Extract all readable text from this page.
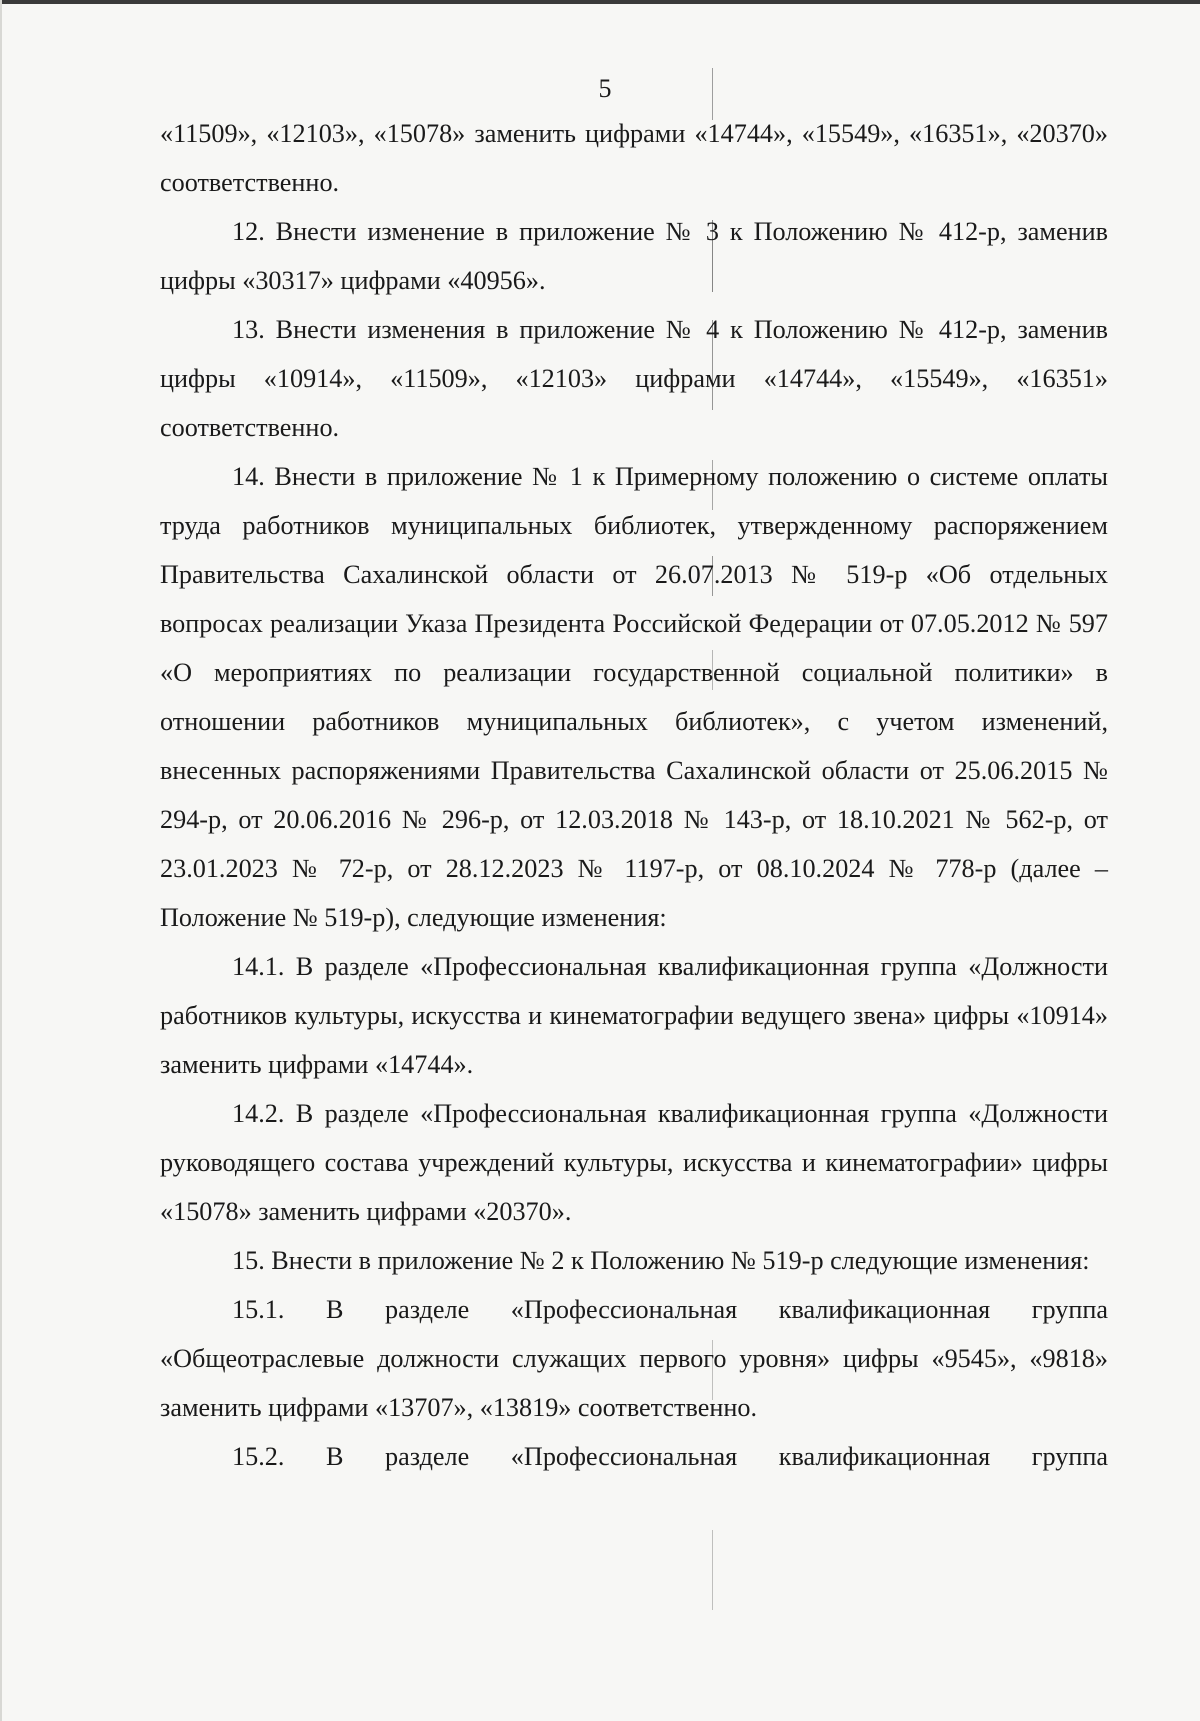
5

«11509», «12103», «15078» заменить цифрами «14744», «15549», «16351», «20370» соответственно.

12. Внести изменение в приложение № 3 к Положению № 412-р, заменив цифры «30317» цифрами «40956».

13. Внести изменения в приложение № 4 к Положению № 412-р, заменив цифры «10914», «11509», «12103» цифрами «14744», «15549», «16351» соответственно.

14. Внести в приложение № 1 к Примерному положению о системе оплаты труда работников муниципальных библиотек, утвержденному распоряжением Правительства Сахалинской области от 26.07.2013 № 519-р «Об отдельных вопросах реализации Указа Президента Российской Федерации от 07.05.2012 № 597 «О мероприятиях по реализации государственной социальной политики» в отношении работников муниципальных библиотек», с учетом изменений, внесенных распоряжениями Правительства Сахалинской области от 25.06.2015 № 294-р, от 20.06.2016 № 296-р, от 12.03.2018 № 143-р, от 18.10.2021 № 562-р, от 23.01.2023 № 72-р, от 28.12.2023 № 1197-р, от 08.10.2024 № 778-р (далее – Положение № 519-р), следующие изменения:

14.1. В разделе «Профессиональная квалификационная группа «Должности работников культуры, искусства и кинематографии ведущего звена» цифры «10914» заменить цифрами «14744».

14.2. В разделе «Профессиональная квалификационная группа «Должности руководящего состава учреждений культуры, искусства и кинематографии» цифры «15078» заменить цифрами «20370».

15. Внести в приложение № 2 к Положению № 519-р следующие изменения:

15.1. В разделе «Профессиональная квалификационная группа «Общеотраслевые должности служащих первого уровня» цифры «9545», «9818» заменить цифрами «13707», «13819» соответственно.

15.2. В разделе «Профессиональная квалификационная группа
